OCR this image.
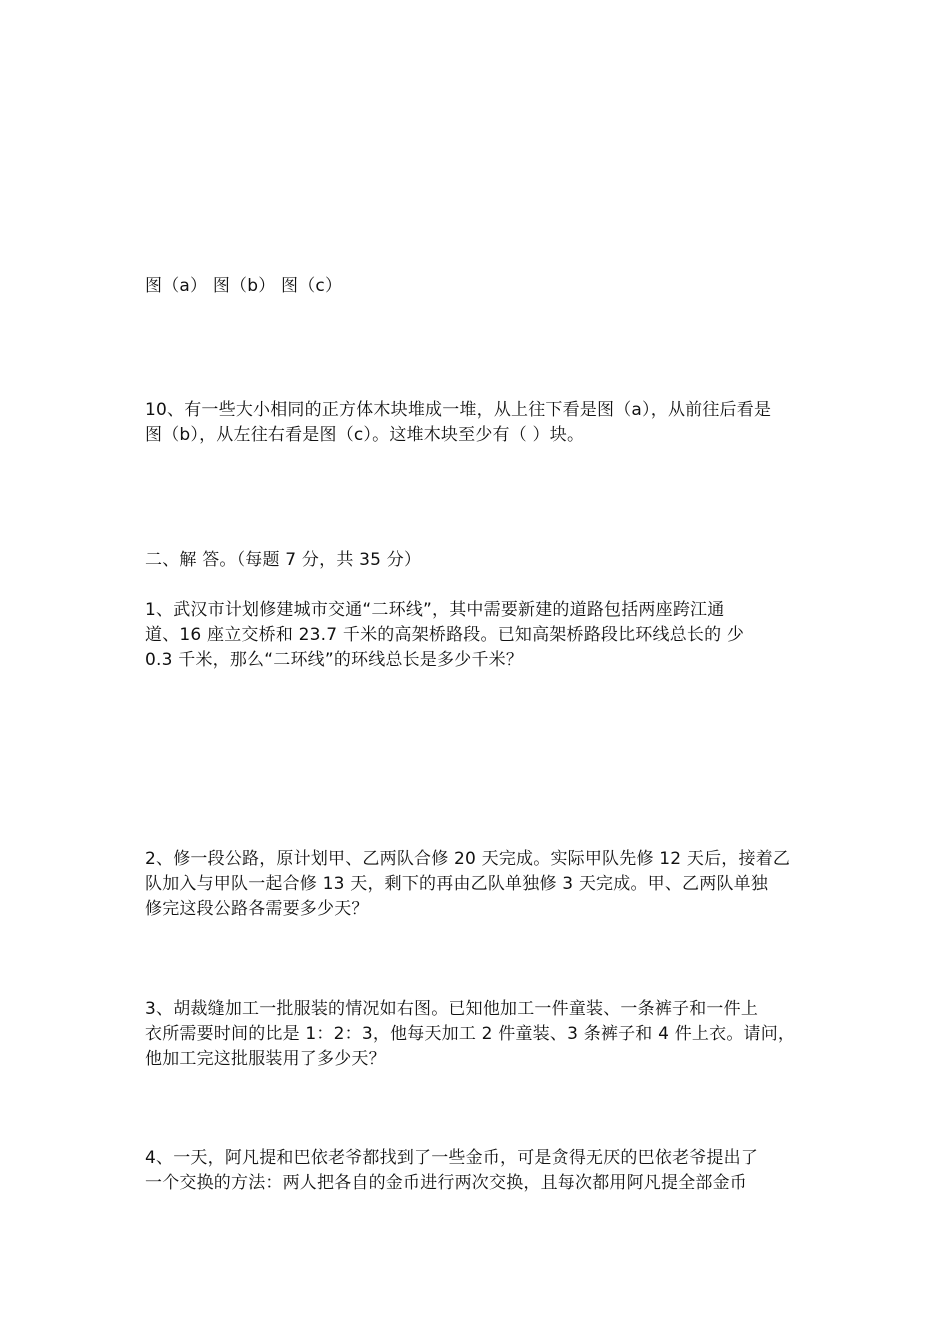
图（a） 图（b） 图（c）
10、有一些大小相同的正方体木块堆成一堆，从上往下看是图（a），从前往后看是
图（b），从左往右看是图（c）。这堆木块至少有（ ）块。
二、解 答。（每题 7 分，共 35 分）
1、武汉市计划修建城市交通“二环线”，其中需要新建的道路包括两座跨江通
道、16 座立交桥和 23.7 千米的高架桥路段。已知高架桥路段比环线总长的 少
0.3 千米，那么“二环线”的环线总长是多少千米？
2、修一段公路，原计划甲、乙两队合修 20 天完成。实际甲队先修 12 天后，接着乙
队加入与甲队一起合修 13 天，剩下的再由乙队单独修 3 天完成。甲、乙两队单独
修完这段公路各需要多少天？
3、胡裁缝加工一批服装的情况如右图。已知他加工一件童装、一条裤子和一件上
衣所需要时间的比是 1：2：3，他每天加工 2 件童装、3 条裤子和 4 件上衣。请问，
他加工完这批服装用了多少天？
4、一天，阿凡提和巴依老爷都找到了一些金币，可是贪得无厌的巴依老爷提出了
一个交换的方法：两人把各自的金币进行两次交换，且每次都用阿凡提全部金币
